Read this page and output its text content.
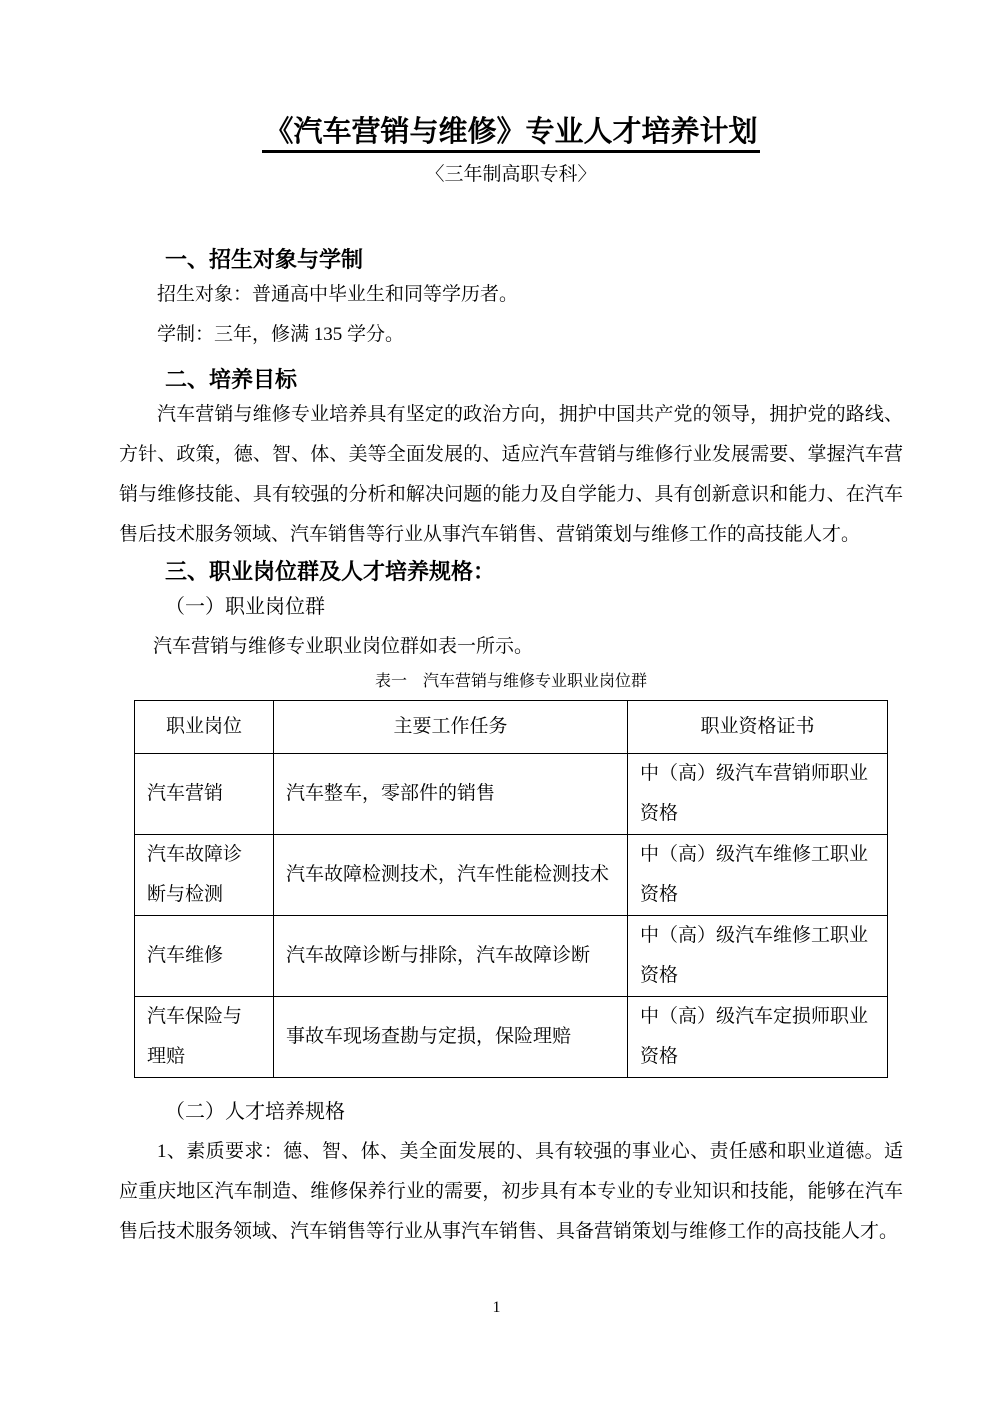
《汽车营销与维修》专业人才培养计划

〈三年制高职专科〉

一、招生对象与学制

招生对象：普通高中毕业生和同等学历者。

学制：三年，修满 135 学分。

二、培养目标

汽车营销与维修专业培养具有坚定的政治方向，拥护中国共产党的领导，拥护党的路线、方针、政策，德、智、体、美等全面发展的、适应汽车营销与维修行业发展需要、掌握汽车营销与维修技能、具有较强的分析和解决问题的能力及自学能力、具有创新意识和能力、在汽车售后技术服务领域、汽车销售等行业从事汽车销售、营销策划与维修工作的高技能人才。

三、职业岗位群及人才培养规格：

（一）职业岗位群

汽车营销与维修专业职业岗位群如表一所示。

表一　汽车营销与维修专业职业岗位群

职业岗位	主要工作任务	职业资格证书
汽车营销	汽车整车，零部件的销售	中（高）级汽车营销师职业资格
汽车故障诊断与检测	汽车故障检测技术，汽车性能检测技术	中（高）级汽车维修工职业资格
汽车维修	汽车故障诊断与排除，汽车故障诊断	中（高）级汽车维修工职业资格
汽车保险与理赔	事故车现场查勘与定损，保险理赔	中（高）级汽车定损师职业资格

（二）人才培养规格

1、素质要求：德、智、体、美全面发展的、具有较强的事业心、责任感和职业道德。适应重庆地区汽车制造、维修保养行业的需要，初步具有本专业的专业知识和技能，能够在汽车售后技术服务领域、汽车销售等行业从事汽车销售、具备营销策划与维修工作的高技能人才。

1
